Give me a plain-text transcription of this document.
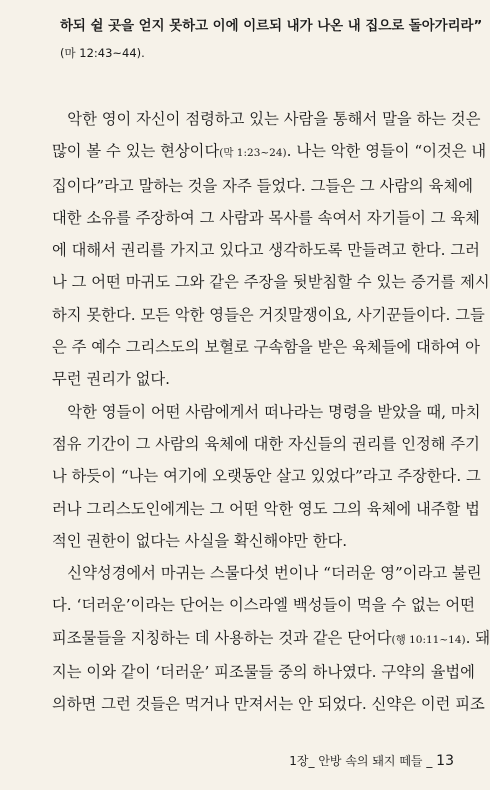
하되 쉴 곳을 얻지 못하고 이에 이르되 내가 나온 내 집으로 돌아가리라”
(마 12:43~44).
　악한 영이 자신이 점령하고 있는 사람을 통해서 말을 하는 것은
많이 볼 수 있는 현상이다(막 1:23~24). 나는 악한 영들이 “이것은 내
집이다”라고 말하는 것을 자주 들었다. 그들은 그 사람의 육체에
대한 소유를 주장하여 그 사람과 목사를 속여서 자기들이 그 육체
에 대해서 권리를 가지고 있다고 생각하도록 만들려고 한다. 그러
나 그 어떤 마귀도 그와 같은 주장을 뒷받침할 수 있는 증거를 제시
하지 못한다. 모든 악한 영들은 거짓말쟁이요, 사기꾼들이다. 그들
은 주 예수 그리스도의 보혈로 구속함을 받은 육체들에 대하여 아
무런 권리가 없다.
　악한 영들이 어떤 사람에게서 떠나라는 명령을 받았을 때, 마치
점유 기간이 그 사람의 육체에 대한 자신들의 권리를 인정해 주기
나 하듯이 “나는 여기에 오랫동안 살고 있었다”라고 주장한다. 그
러나 그리스도인에게는 그 어떤 악한 영도 그의 육체에 내주할 법
적인 권한이 없다는 사실을 확신해야만 한다.
　신약성경에서 마귀는 스물다섯 번이나 “더러운 영”이라고 불린
다. ‘더러운’이라는 단어는 이스라엘 백성들이 먹을 수 없는 어떤
피조물들을 지칭하는 데 사용하는 것과 같은 단어다(행 10:11~14). 돼
지는 이와 같이 ‘더러운’ 피조물들 중의 하나였다. 구약의 율법에
의하면 그런 것들은 먹거나 만져서는 안 되었다. 신약은 이런 피조
1장_ 안방 속의 돼지 떼들 _ 13
